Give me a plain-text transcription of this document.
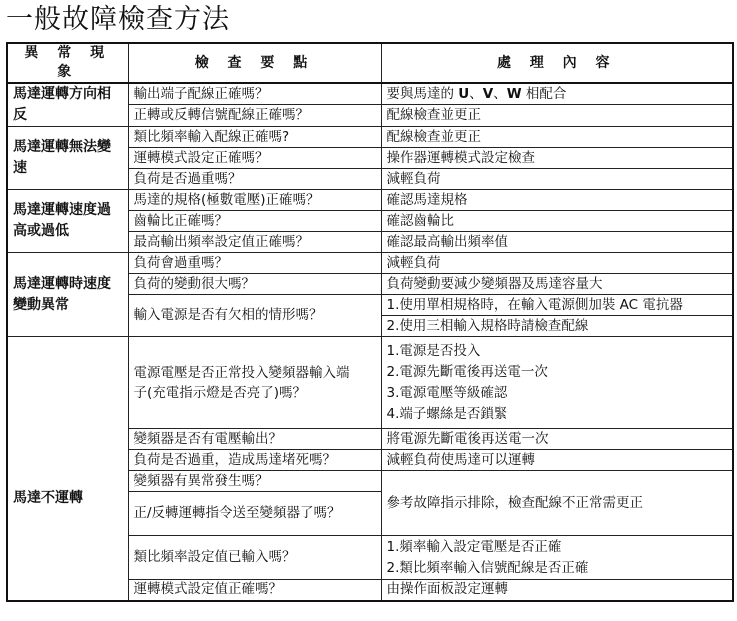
一般故障檢查方法
異 常 現 象	檢 查 要 點	處 理 內 容
馬達運轉方向相反	輸出端子配線正確嗎？	要與馬達的 U、V、W 相配合
	正轉或反轉信號配線正確嗎？	配線檢查並更正
馬達運轉無法變速	類比頻率輸入配線正確嗎?	配線檢查並更正
	運轉模式設定正確嗎？	操作器運轉模式設定檢查
	負荷是否過重嗎？	減輕負荷
馬達運轉速度過高或過低	馬達的規格(極數電壓)正確嗎？	確認馬達規格
	齒輪比正確嗎？	確認齒輪比
	最高輸出頻率設定值正確嗎？	確認最高輸出頻率值
馬達運轉時速度變動異常	負荷會過重嗎？	減輕負荷
	負荷的變動很大嗎？	負荷變動要減少變頻器及馬達容量大
	輸入電源是否有欠相的情形嗎？	1.使用單相規格時，在輸入電源側加裝 AC 電抗器
		2.使用三相輸入規格時請檢查配線
馬達不運轉	電源電壓是否正常投入變頻器輸入端子(充電指示燈是否亮了)嗎？	1.電源是否投入
2.電源先斷電後再送電一次
3.電源電壓等級確認
4.端子螺絲是否鎖緊

	變頻器是否有電壓輸出？	將電源先斷電後再送電一次
	負荷是否過重，造成馬達堵死嗎？	減輕負荷使馬達可以運轉
	變頻器有異常發生嗎？	參考故障指示排除，檢查配線不正常需更正
	正/反轉運轉指令送至變頻器了嗎？	
	類比頻率設定值已輸入嗎？	1.頻率輸入設定電壓是否正確
2.類比頻率輸入信號配線是否正確

	運轉模式設定值正確嗎？	由操作面板設定運轉
